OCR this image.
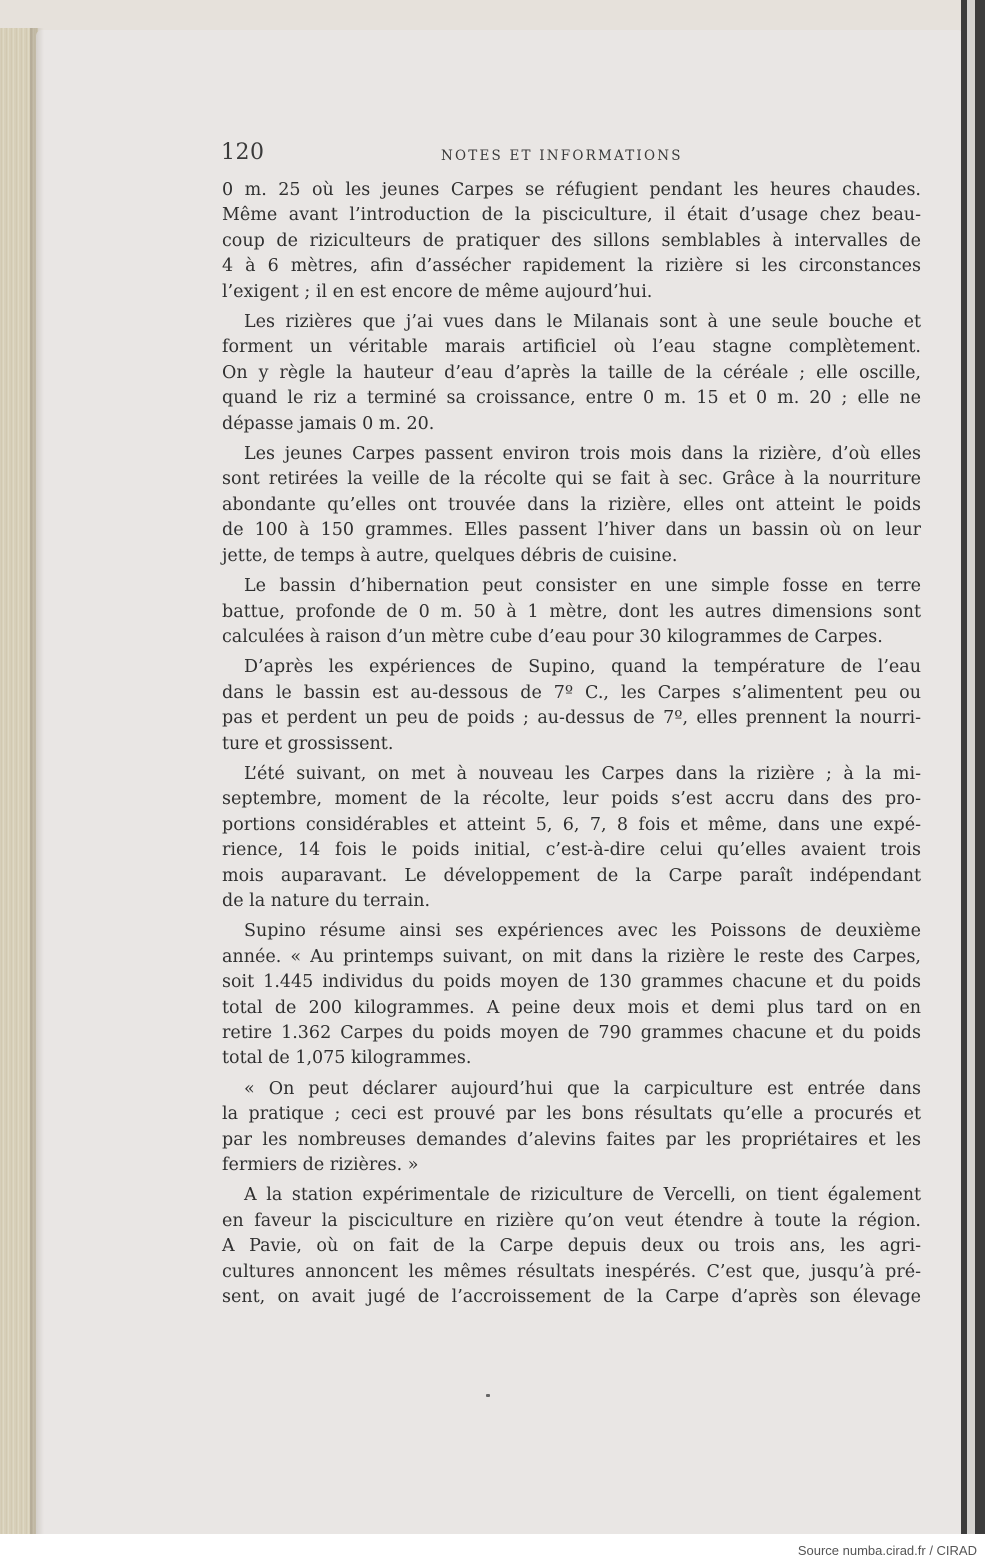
120	NOTES ET INFORMATIONS

0 m. 25 où les jeunes Carpes se réfugient pendant les heures chaudes.
Même avant l’introduction de la pisciculture, il était d’usage chez beau-
coup de riziculteurs de pratiquer des sillons semblables à intervalles de
4 à 6 mètres, afin d’assécher rapidement la rizière si les circonstances
l’exigent ; il en est encore de même aujourd’hui.

Les rizières que j’ai vues dans le Milanais sont à une seule bouche et
forment un véritable marais artificiel où l’eau stagne complètement.
On y règle la hauteur d’eau d’après la taille de la céréale ; elle oscille,
quand le riz a terminé sa croissance, entre 0 m. 15 et 0 m. 20 ; elle ne
dépasse jamais 0 m. 20.

Les jeunes Carpes passent environ trois mois dans la rizière, d’où elles
sont retirées la veille de la récolte qui se fait à sec. Grâce à la nourriture
abondante qu’elles ont trouvée dans la rizière, elles ont atteint le poids
de 100 à 150 grammes. Elles passent l’hiver dans un bassin où on leur
jette, de temps à autre, quelques débris de cuisine.

Le bassin d’hibernation peut consister en une simple fosse en terre
battue, profonde de 0 m. 50 à 1 mètre, dont les autres dimensions sont
calculées à raison d’un mètre cube d’eau pour 30 kilogrammes de Carpes.

D’après les expériences de Supino, quand la température de l’eau
dans le bassin est au-dessous de 7º C., les Carpes s’alimentent peu ou
pas et perdent un peu de poids ; au-dessus de 7º, elles prennent la nourri-
ture et grossissent.

L’été suivant, on met à nouveau les Carpes dans la rizière ; à la mi-
septembre, moment de la récolte, leur poids s’est accru dans des pro-
portions considérables et atteint 5, 6, 7, 8 fois et même, dans une expé-
rience, 14 fois le poids initial, c’est-à-dire celui qu’elles avaient trois
mois auparavant. Le développement de la Carpe paraît indépendant
de la nature du terrain.

Supino résume ainsi ses expériences avec les Poissons de deuxième
année. « Au printemps suivant, on mit dans la rizière le reste des Carpes,
soit 1.445 individus du poids moyen de 130 grammes chacune et du poids
total de 200 kilogrammes. A peine deux mois et demi plus tard on en
retire 1.362 Carpes du poids moyen de 790 grammes chacune et du poids
total de 1,075 kilogrammes.

« On peut déclarer aujourd’hui que la carpiculture est entrée dans
la pratique ; ceci est prouvé par les bons résultats qu’elle a procurés et
par les nombreuses demandes d’alevins faites par les propriétaires et les
fermiers de rizières. »

A la station expérimentale de riziculture de Vercelli, on tient également
en faveur la pisciculture en rizière qu’on veut étendre à toute la région.
A Pavie, où on fait de la Carpe depuis deux ou trois ans, les agri-
cultures annoncent les mêmes résultats inespérés. C’est que, jusqu’à pré-
sent, on avait jugé de l’accroissement de la Carpe d’après son élevage

Source numba.cirad.fr / CIRAD
